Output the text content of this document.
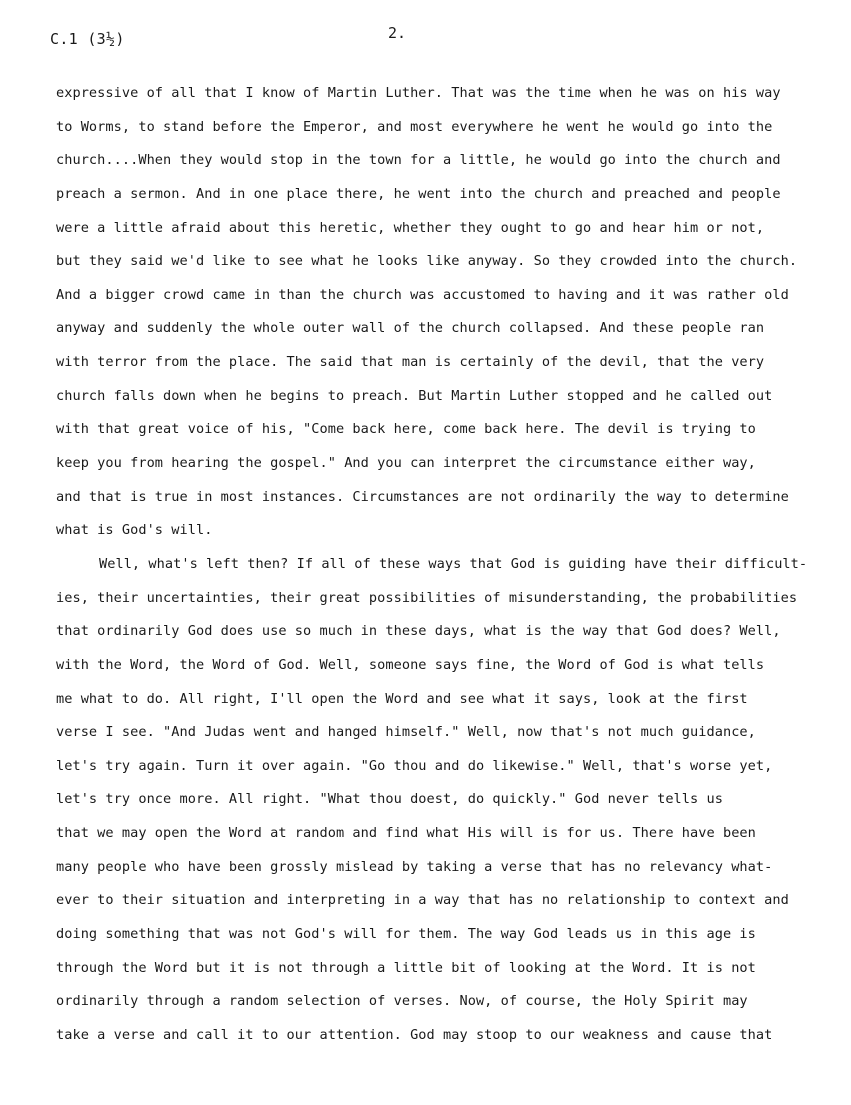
C.1 (3½)	2.
expressive of all that I know of Martin Luther. That was the time when he was on his way
to Worms, to stand before the Emperor, and most everywhere he went he would go into the
church....When they would stop in the town for a little, he would go into the church and
preach a sermon. And in one place there, he went into the church and preached and people
were a little afraid about this heretic, whether they ought to go and hear him or not,
but they said we'd like to see what he looks like anyway. So they crowded into the church.
And a bigger crowd came in than the church was accustomed to having and it was rather old
anyway and suddenly the whole outer wall of the church collapsed. And these people ran
with terror from the place. The said that man is certainly of the devil, that the very
church falls down when he begins to preach. But Martin Luther stopped and he called out
with that great voice of his, "Come back here, come back here. The devil is trying to
keep you from hearing the gospel." And you can interpret the circumstance either way,
and that is true in most instances. Circumstances are not ordinarily the way to determine
what is God's will.
Well, what's left then? If all of these ways that God is guiding have their difficult-
ies, their uncertainties, their great possibilities of misunderstanding, the probabilities
that ordinarily God does use so much in these days, what is the way that God does? Well,
with the Word, the Word of God. Well, someone says fine, the Word of God is what tells
me what to do. All right, I'll open the Word and see what it says, look at the first
verse I see. "And Judas went and hanged himself." Well, now that's not much guidance,
let's try again. Turn it over again. "Go thou and do likewise." Well, that's worse yet,
let's try once more. All right. "What thou doest, do quickly." God never tells us
that we may open the Word at random and find what His will is for us. There have been
many people who have been grossly mislead by taking a verse that has no relevancy what-
ever to their situation and interpreting in a way that has no relationship to context and
doing something that was not God's will for them. The way God leads us in this age is
through the Word but it is not through a little bit of looking at the Word. It is not
ordinarily through a random selection of verses. Now, of course, the Holy Spirit may
take a verse and call it to our attention. God may stoop to our weakness and cause that
